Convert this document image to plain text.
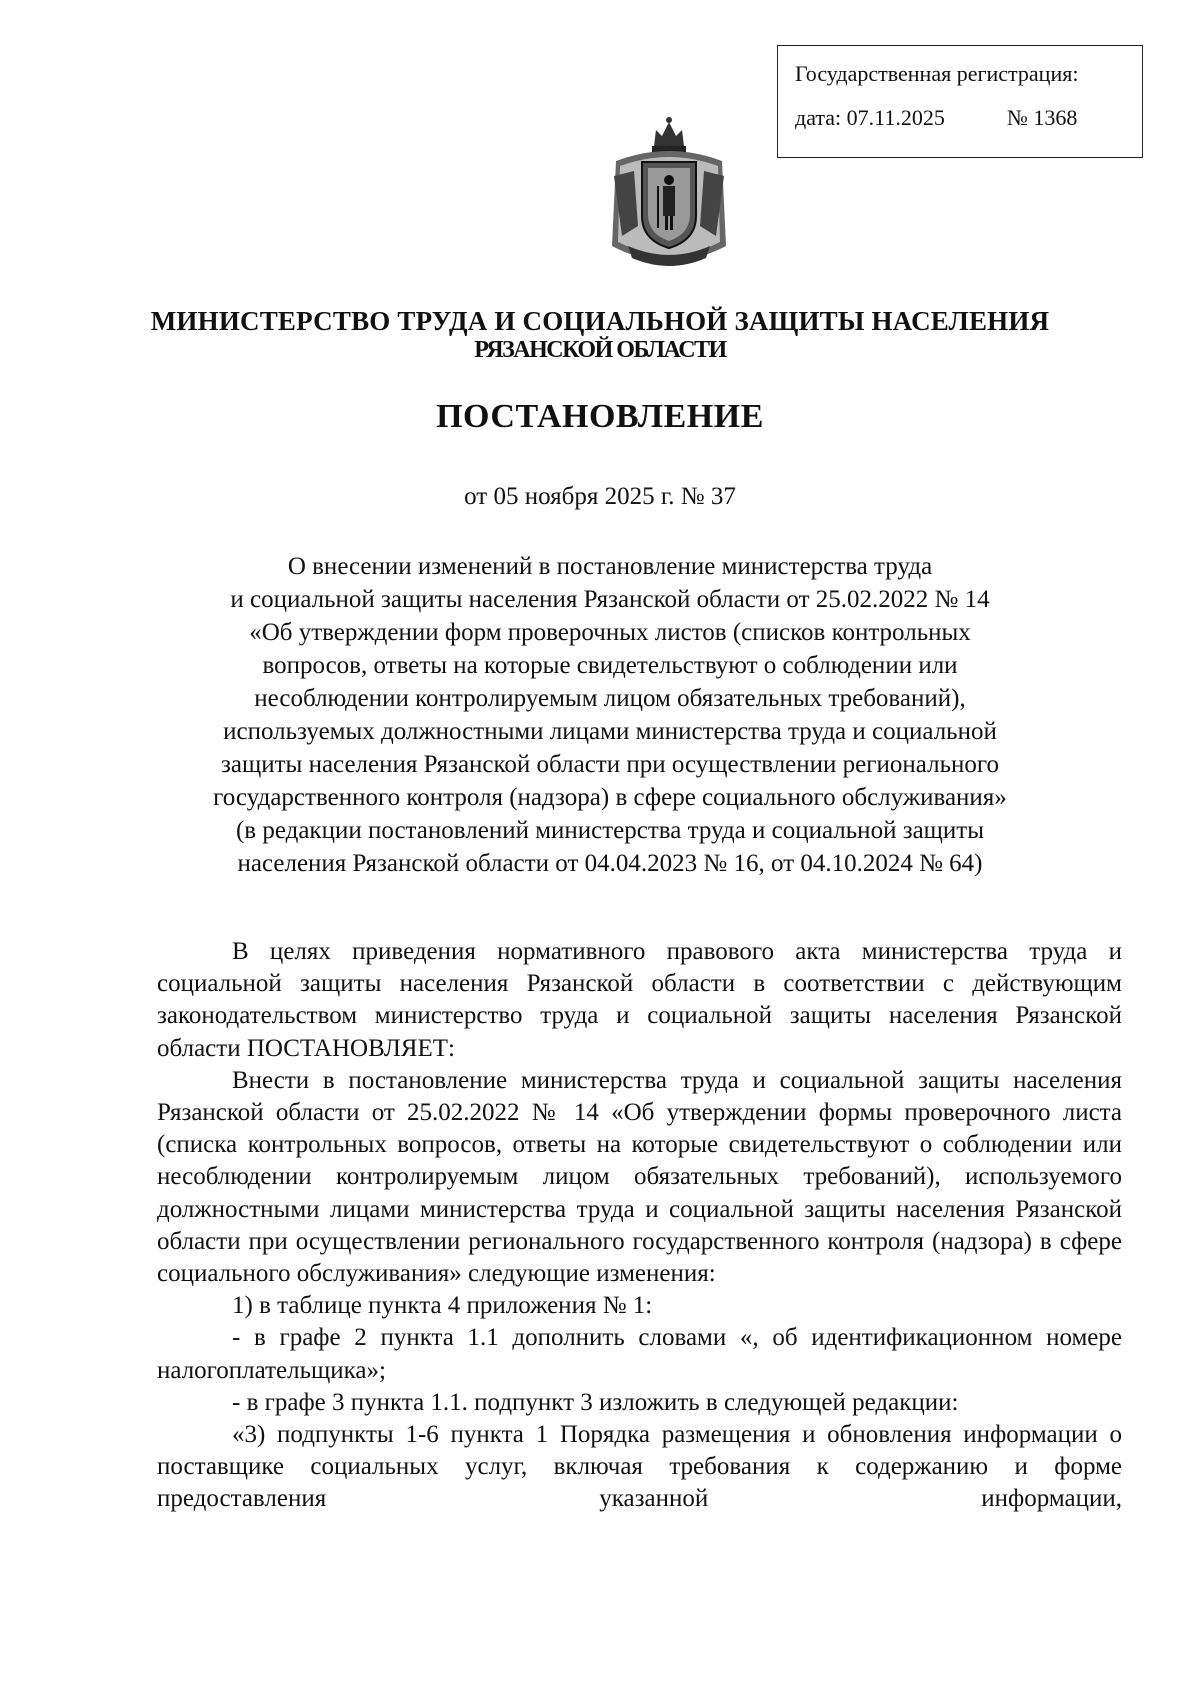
Государственная регистрация:
дата: 07.11.2025	№ 1368
МИНИСТЕРСТВО ТРУДА И СОЦИАЛЬНОЙ ЗАЩИТЫ НАСЕЛЕНИЯ
РЯЗАНСКОЙ ОБЛАСТИ
ПОСТАНОВЛЕНИЕ
от 05 ноября 2025 г. № 37
О внесении изменений в постановление министерства труда
и социальной защиты населения Рязанской области от 25.02.2022 № 14
«Об утверждении форм проверочных листов (списков контрольных
вопросов, ответы на которые свидетельствуют о соблюдении или
несоблюдении контролируемым лицом обязательных требований),
используемых должностными лицами министерства труда и социальной
защиты населения Рязанской области при осуществлении регионального
государственного контроля (надзора) в сфере социального обслуживания»
(в редакции постановлений министерства труда и социальной защиты
населения Рязанской области от 04.04.2023 № 16, от 04.10.2024 № 64)

В целях приведения нормативного правового акта министерства труда и социальной защиты населения Рязанской области в соответствии с действующим законодательством министерство труда и социальной защиты населения Рязанской области ПОСТАНОВЛЯЕТ:

Внести в постановление министерства труда и социальной защиты населения Рязанской области от 25.02.2022 № 14 «Об утверждении формы проверочного листа (списка контрольных вопросов, ответы на которые свидетельствуют о соблюдении или несоблюдении контролируемым лицом обязательных требований), используемого должностными лицами министерства труда и социальной защиты населения Рязанской области при осуществлении регионального государственного контроля (надзора) в сфере социального обслуживания» следующие изменения:

1) в таблице пункта 4 приложения № 1:

- в графе 2 пункта 1.1 дополнить словами «, об идентификационном номере налогоплательщика»;

- в графе 3 пункта 1.1. подпункт 3 изложить в следующей редакции:

«3) подпункты 1-6 пункта 1 Порядка размещения и обновления информации о поставщике социальных услуг, включая требования к содержанию и форме предоставления указанной информации,
